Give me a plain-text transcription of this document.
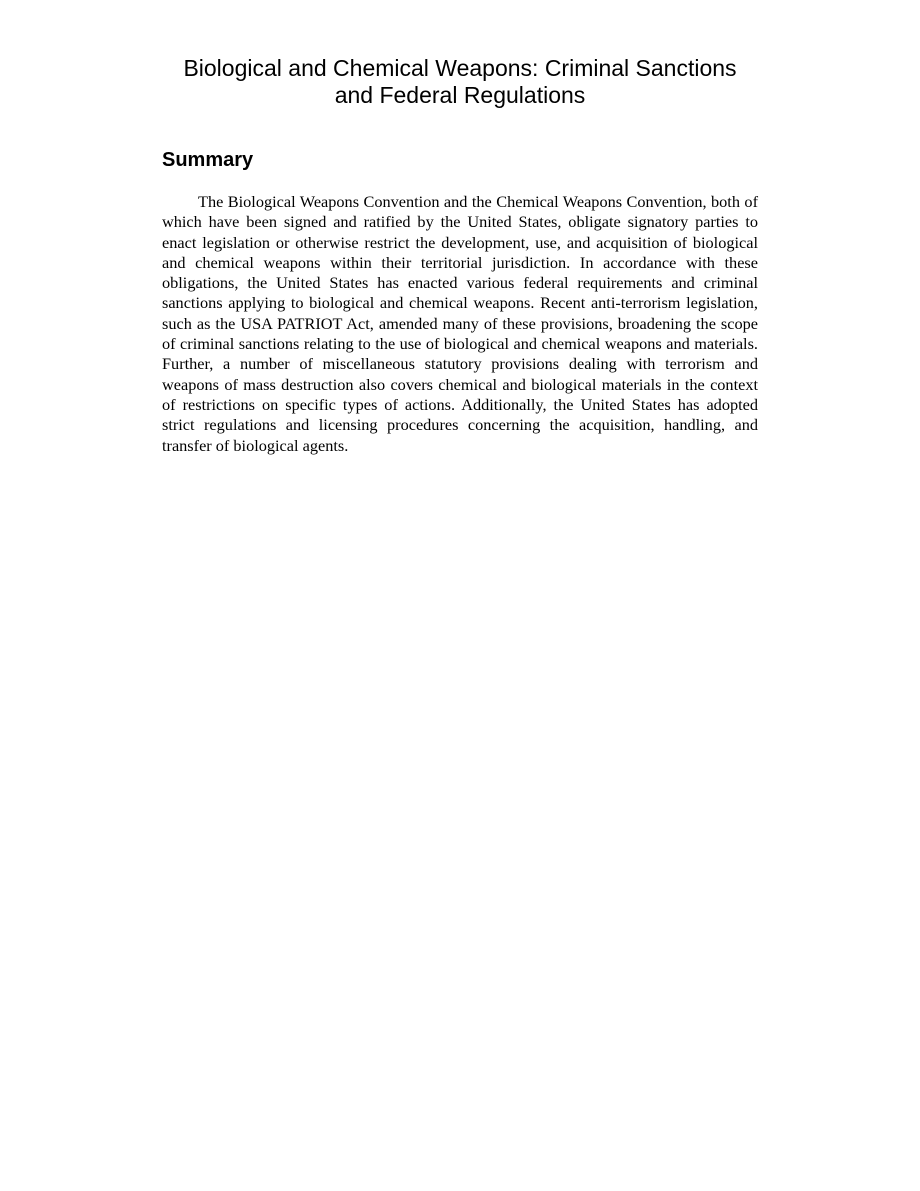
Biological and Chemical Weapons: Criminal Sanctions
and Federal Regulations
Summary

The Biological Weapons Convention and the Chemical Weapons Convention, both of which have been signed and ratified by the United States, obligate signatory parties to enact legislation or otherwise restrict the development, use, and acquisition of biological and chemical weapons within their territorial jurisdiction. In accordance with these obligations, the United States has enacted various federal requirements and criminal sanctions applying to biological and chemical weapons. Recent anti-terrorism legislation, such as the USA PATRIOT Act, amended many of these provisions, broadening the scope of criminal sanctions relating to the use of biological and chemical weapons and materials. Further, a number of miscellaneous statutory provisions dealing with terrorism and weapons of mass destruction also covers chemical and biological materials in the context of restrictions on specific types of actions. Additionally, the United States has adopted strict regulations and licensing procedures concerning the acquisition, handling, and transfer of biological agents.
